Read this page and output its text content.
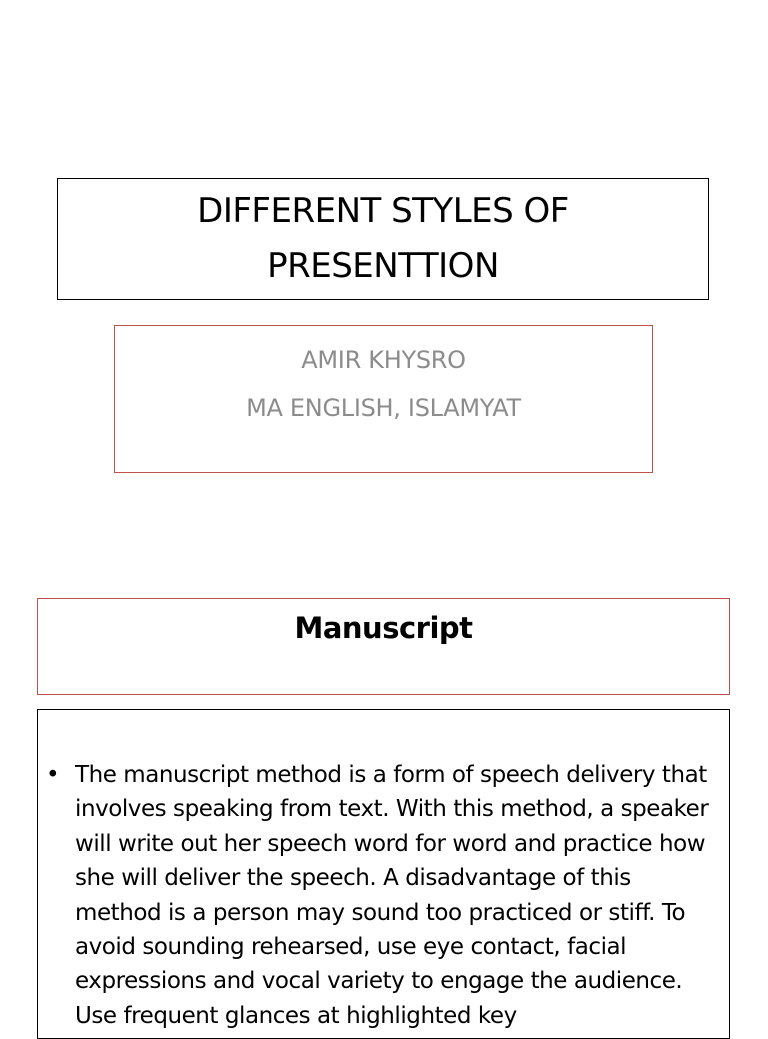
DIFFERENT STYLES OF PRESENTTION
AMIR KHYSRO
MA ENGLISH, ISLAMYAT
Manuscript
• The manuscript method is a form of speech delivery that involves speaking from text. With this method, a speaker will write out her speech word for word and practice how she will deliver the speech. A disadvantage of this method is a person may sound too practiced or stiff. To avoid sounding rehearsed, use eye contact, facial expressions and vocal variety to engage the audience. Use frequent glances at highlighted key
